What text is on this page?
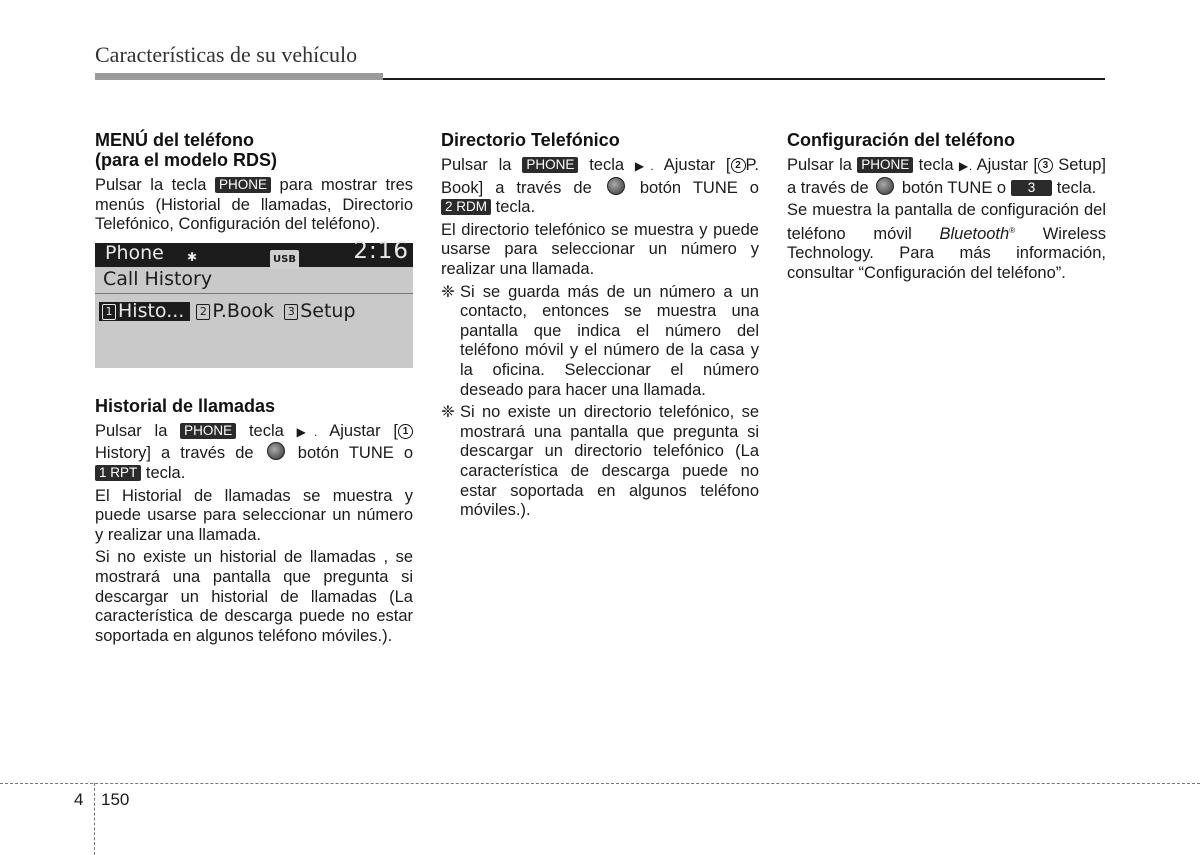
Características de su vehículo
MENÚ del teléfono
(para el modelo RDS)

Pulsar la tecla PHONE para mostrar tres menús (Historial de llamadas, Directorio Telefónico, Configuración del teléfono).

Phone ✱	USB 2:16
Call History
1 Histo... 2 P.Book 3 Setup
Historial de llamadas

Pulsar la PHONE tecla ▶. Ajustar [ 1 History] a través de	botón TUNE o 1 RPT tecla.

El Historial de llamadas se muestra y puede usarse para seleccionar un número y realizar una llamada.

Si no existe un historial de llamadas , se mostrará una pantalla que pregunta si descargar un historial de llamadas (La característica de descarga puede no estar soportada en algunos teléfono móviles.).

Directorio Telefónico

Pulsar la PHONE tecla ▶. Ajustar [ 2 P. Book] a través de	botón TUNE o 2 RDM tecla.

El directorio telefónico se muestra y puede usarse para seleccionar un número y realizar una llamada.

❈ Si se guarda más de un número a un contacto, entonces se muestra una pantalla que indica el número del teléfono móvil y el número de la casa y la oficina. Seleccionar el número deseado para hacer una llamada.
❈ Si no existe un directorio telefónico, se mostrará una pantalla que pregunta si descargar un directorio telefónico (La característica de descarga puede no estar soportada en algunos teléfono móviles.).
Configuración del teléfono

Pulsar la PHONE tecla ▶. Ajustar [ 3 Setup] a través de botón TUNE o 3 tecla.

Se muestra la pantalla de configuración del teléfono móvil Bluetooth® Wireless Technology. Para más información, consultar “Configuración del teléfono”.

4 150
